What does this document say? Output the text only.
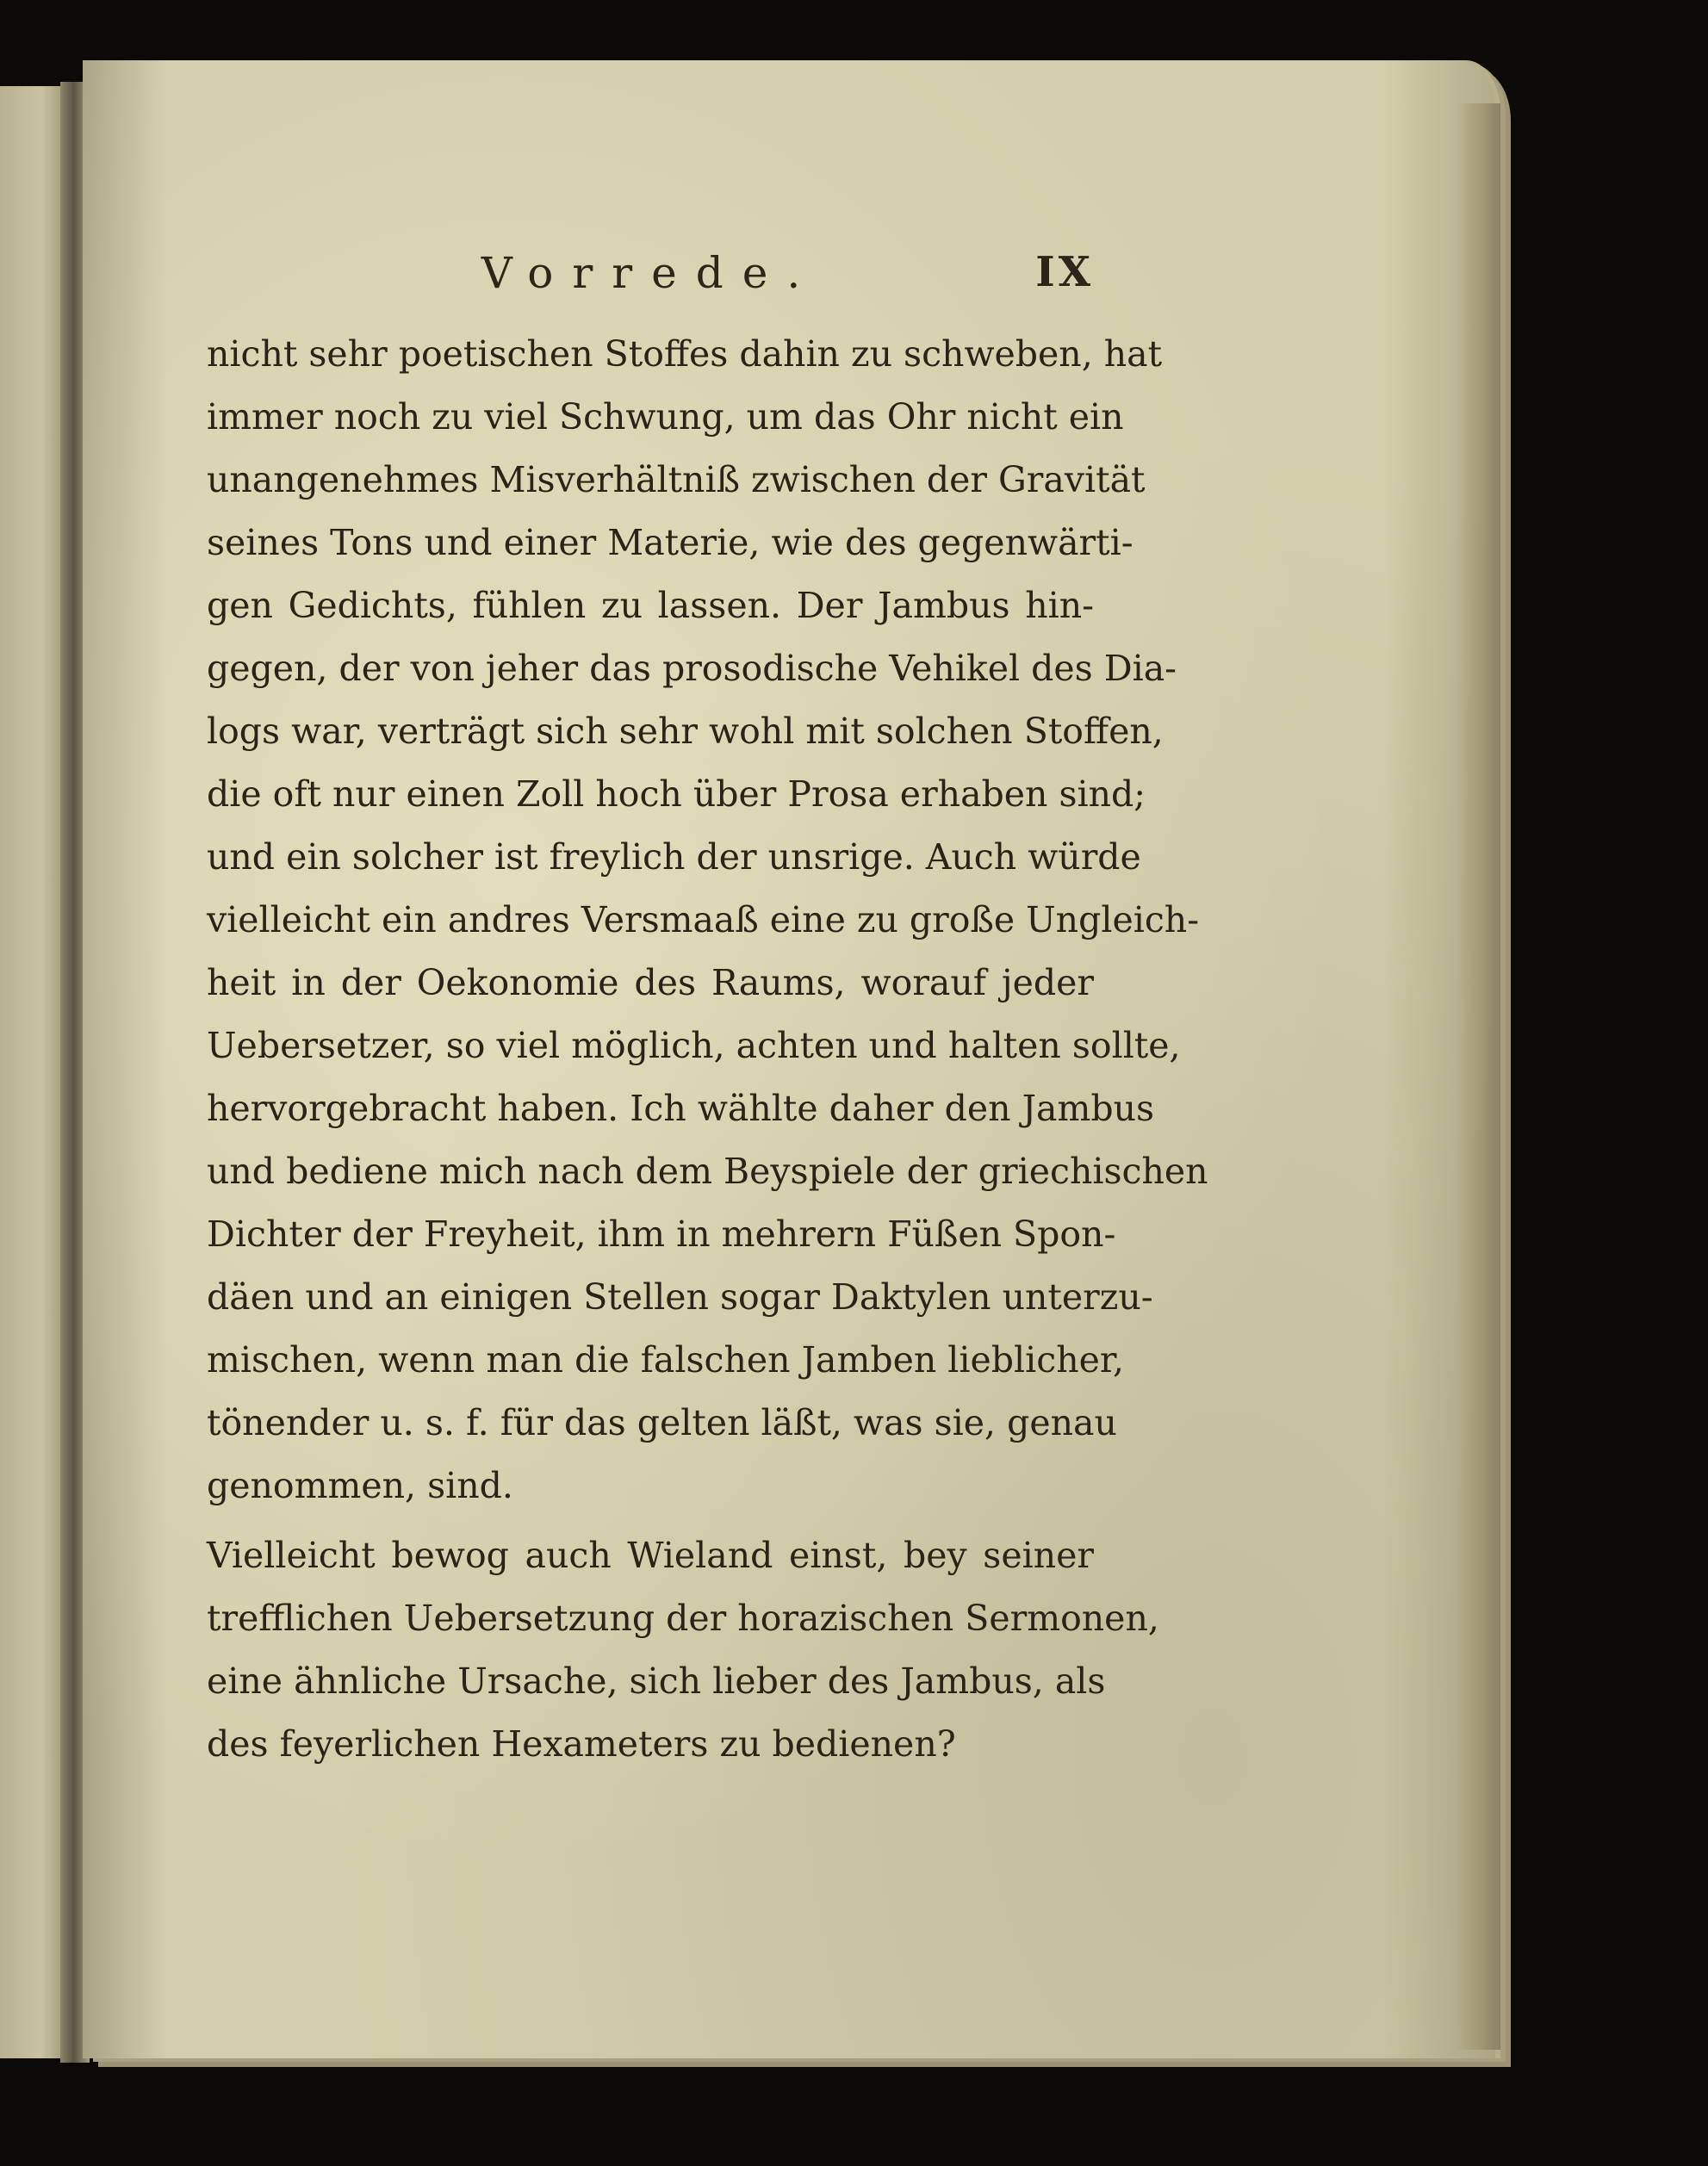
Vorrede.	IX
nicht sehr poetischen Stoffes dahin zu schweben, hat
immer noch zu viel Schwung, um das Ohr nicht ein
unangenehmes Misverhältniß zwischen der Gravität
seines Tons und einer Materie, wie des gegenwärti-
gen Gedichts, fühlen zu lassen. Der Jambus hin-
gegen, der von jeher das prosodische Vehikel des Dia-
logs war, verträgt sich sehr wohl mit solchen Stoffen,
die oft nur einen Zoll hoch über Prosa erhaben sind;
und ein solcher ist freylich der unsrige. Auch würde
vielleicht ein andres Versmaaß eine zu große Ungleich-
heit in der Oekonomie des Raums, worauf jeder
Uebersetzer, so viel möglich, achten und halten sollte,
hervorgebracht haben. Ich wählte daher den Jambus
und bediene mich nach dem Beyspiele der griechischen
Dichter der Freyheit, ihm in mehrern Füßen Spon-
däen und an einigen Stellen sogar Daktylen unterzu-
mischen, wenn man die falschen Jamben lieblicher,
tönender u. s. f. für das gelten läßt, was sie, genau
genommen, sind.
Vielleicht bewog auch Wieland einst, bey seiner
trefflichen Uebersetzung der horazischen Sermonen,
eine ähnliche Ursache, sich lieber des Jambus, als
des feyerlichen Hexameters zu bedienen?
